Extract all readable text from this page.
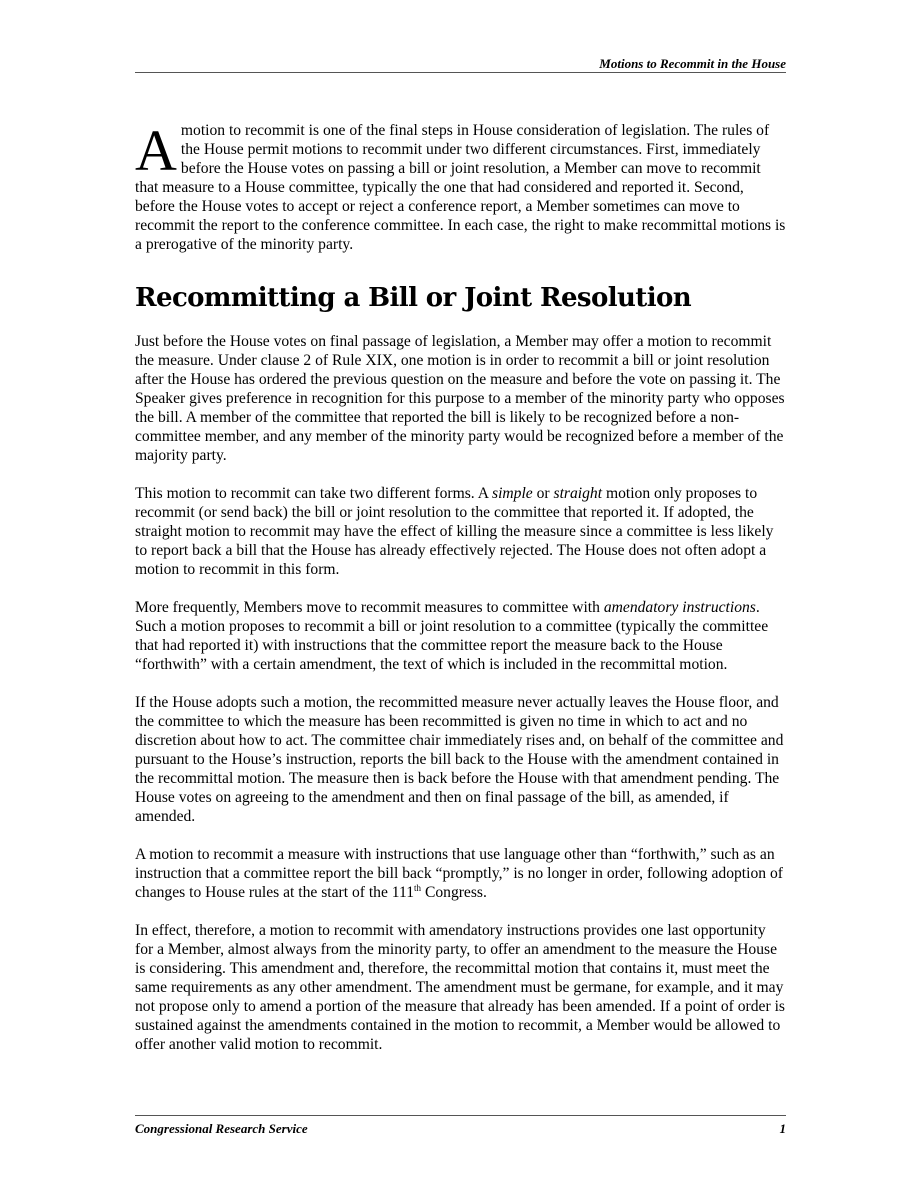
Motions to Recommit in the House

A motion to recommit is one of the final steps in House consideration of legislation. The rules of the House permit motions to recommit under two different circumstances. First, immediately before the House votes on passing a bill or joint resolution, a Member can move to recommit that measure to a House committee, typically the one that had considered and reported it. Second, before the House votes to accept or reject a conference report, a Member sometimes can move to recommit the report to the conference committee. In each case, the right to make recommittal motions is a prerogative of the minority party.

Recommitting a Bill or Joint Resolution

Just before the House votes on final passage of legislation, a Member may offer a motion to recommit the measure. Under clause 2 of Rule XIX, one motion is in order to recommit a bill or joint resolution after the House has ordered the previous question on the measure and before the vote on passing it. The Speaker gives preference in recognition for this purpose to a member of the minority party who opposes the bill. A member of the committee that reported the bill is likely to be recognized before a non-committee member, and any member of the minority party would be recognized before a member of the majority party.

This motion to recommit can take two different forms. A simple or straight motion only proposes to recommit (or send back) the bill or joint resolution to the committee that reported it. If adopted, the straight motion to recommit may have the effect of killing the measure since a committee is less likely to report back a bill that the House has already effectively rejected. The House does not often adopt a motion to recommit in this form.

More frequently, Members move to recommit measures to committee with amendatory instructions. Such a motion proposes to recommit a bill or joint resolution to a committee (typically the committee that had reported it) with instructions that the committee report the measure back to the House “forthwith” with a certain amendment, the text of which is included in the recommittal motion.

If the House adopts such a motion, the recommitted measure never actually leaves the House floor, and the committee to which the measure has been recommitted is given no time in which to act and no discretion about how to act. The committee chair immediately rises and, on behalf of the committee and pursuant to the House’s instruction, reports the bill back to the House with the amendment contained in the recommittal motion. The measure then is back before the House with that amendment pending. The House votes on agreeing to the amendment and then on final passage of the bill, as amended, if amended.

A motion to recommit a measure with instructions that use language other than “forthwith,” such as an instruction that a committee report the bill back “promptly,” is no longer in order, following adoption of changes to House rules at the start of the 111th Congress.

In effect, therefore, a motion to recommit with amendatory instructions provides one last opportunity for a Member, almost always from the minority party, to offer an amendment to the measure the House is considering. This amendment and, therefore, the recommittal motion that contains it, must meet the same requirements as any other amendment. The amendment must be germane, for example, and it may not propose only to amend a portion of the measure that already has been amended. If a point of order is sustained against the amendments contained in the motion to recommit, a Member would be allowed to offer another valid motion to recommit.

Congressional Research Service	1
